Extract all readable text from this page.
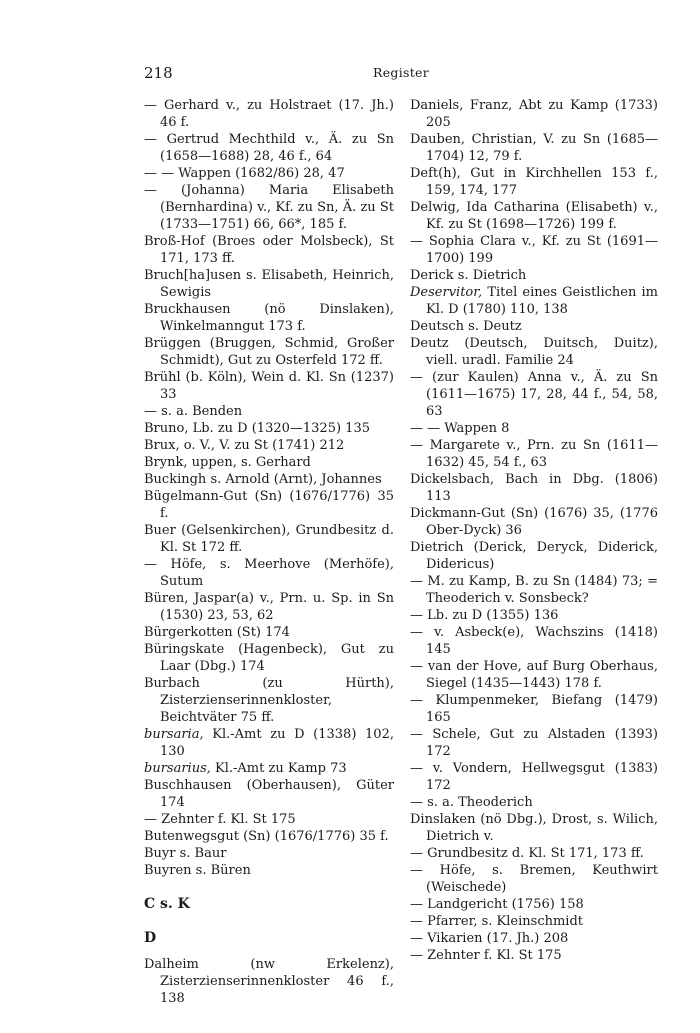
218	Register
— Gerhard v., zu Holstraet (17. Jh.) 46 f.
— Gertrud Mechthild v., Ä. zu Sn (1658—1688) 28, 46 f., 64
— — Wappen (1682/86) 28, 47
— (Johanna) Maria Elisabeth (Bernhardina) v., Kf. zu Sn, Ä. zu St (1733—1751) 66, 66*, 185 f.
Broß-Hof (Broes oder Molsbeck), St 171, 173 ff.
Bruch[ha]usen s. Elisabeth, Heinrich, Sewigis
Bruckhausen (nö Dinslaken), Winkelmanngut 173 f.
Brüggen (Bruggen, Schmid, Großer Schmidt), Gut zu Osterfeld 172 ff.
Brühl (b. Köln), Wein d. Kl. Sn (1237) 33
— s. a. Benden
Bruno, Lb. zu D (1320—1325) 135
Brux, o. V., V. zu St (1741) 212
Brynk, uppen, s. Gerhard
Buckingh s. Arnold (Arnt), Johannes
Bügelmann-Gut (Sn) (1676/1776) 35 f.
Buer (Gelsenkirchen), Grundbesitz d. Kl. St 172 ff.
— Höfe, s. Meerhove (Merhöfe), Sutum
Büren, Jaspar(a) v., Prn. u. Sp. in Sn (1530) 23, 53, 62
Bürgerkotten (St) 174
Büringskate (Hagenbeck), Gut zu Laar (Dbg.) 174
Burbach (zu Hürth), Zisterzienserinnenkloster, Beichtväter 75 ff.
bursaria, Kl.-Amt zu D (1338) 102, 130
bursarius, Kl.-Amt zu Kamp 73
Buschhausen (Oberhausen), Güter 174
— Zehnter f. Kl. St 175
Butenwegsgut (Sn) (1676/1776) 35 f.
Buyr s. Baur
Buyren s. Büren
C s. K
D
Dalheim (nw Erkelenz), Zisterzienserinnenkloster 46 f., 138
Daniels, Franz, Abt zu Kamp (1733) 205
Dauben, Christian, V. zu Sn (1685—1704) 12, 79 f.
Deft(h), Gut in Kirchhellen 153 f., 159, 174, 177
Delwig, Ida Catharina (Elisabeth) v., Kf. zu St (1698—1726) 199 f.
— Sophia Clara v., Kf. zu St (1691—1700) 199
Derick s. Dietrich
Deservitor, Titel eines Geistlichen im Kl. D (1780) 110, 138
Deutsch s. Deutz
Deutz (Deutsch, Duitsch, Duitz), viell. uradl. Familie 24
— (zur Kaulen) Anna v., Ä. zu Sn (1611—1675) 17, 28, 44 f., 54, 58, 63
— — Wappen 8
— Margarete v., Prn. zu Sn (1611—1632) 45, 54 f., 63
Dickelsbach, Bach in Dbg. (1806) 113
Dickmann-Gut (Sn) (1676) 35, (1776 Ober-Dyck) 36
Dietrich (Derick, Deryck, Diderick, Didericus)
— M. zu Kamp, B. zu Sn (1484) 73; = Theoderich v. Sonsbeck?
— Lb. zu D (1355) 136
— v. Asbeck(e), Wachszins (1418) 145
— van der Hove, auf Burg Oberhaus, Siegel (1435—1443) 178 f.
— Klumpenmeker, Biefang (1479) 165
— Schele, Gut zu Alstaden (1393) 172
— v. Vondern, Hellwegsgut (1383) 172
— s. a. Theoderich
Dinslaken (nö Dbg.), Drost, s. Wilich, Dietrich v.
— Grundbesitz d. Kl. St 171, 173 ff.
— Höfe, s. Bremen, Keuthwirt (Weischede)
— Landgericht (1756) 158
— Pfarrer, s. Kleinschmidt
— Vikarien (17. Jh.) 208
— Zehnter f. Kl. St 175
